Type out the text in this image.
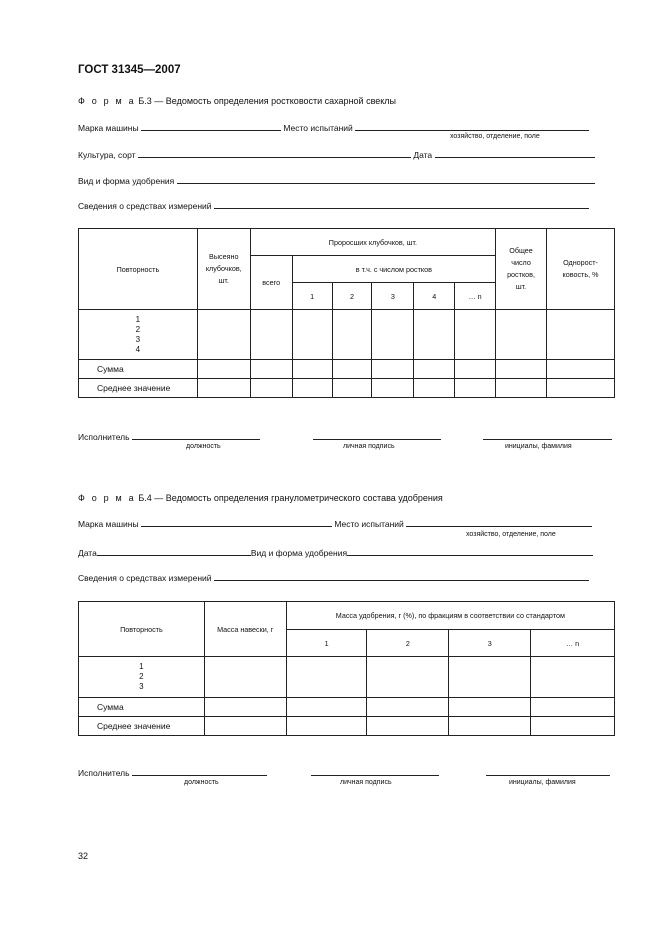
ГОСТ 31345—2007
Ф о р м а Б.3 — Ведомость определения ростковости сахарной свеклы
Марка машины	Место испытаний
хозяйство, отделение, поле
Культура, сорт	Дата
Вид и форма удобрения
Сведения о средствах измерений
Повторность	Высеяно клубочков, шт.	Проросших клубочков, шт.						Общее число ростков, шт.	Однорост-ковость, %
		всего	в т.ч. с числом ростков						
			1	2	3	4	… n		

1
2
3
4									

Сумма									
Среднее значение									
Исполнитель
должность	личная подпись	инициалы, фамилия
Ф о р м а Б.4 — Ведомость определения гранулометрического состава удобрения
Марка машины	Место испытаний
хозяйство, отделение, поле
Дата	Вид и форма удобрения
Сведения о средствах измерений
Повторность	Масса навески, г	Масса удобрения, г (%), по фракциям в соответствии со стандартом			
		1	2	3	… n

1
2
3					

Сумма					
Среднее значение					
Исполнитель
должность	личная подпись	инициалы, фамилия
32
